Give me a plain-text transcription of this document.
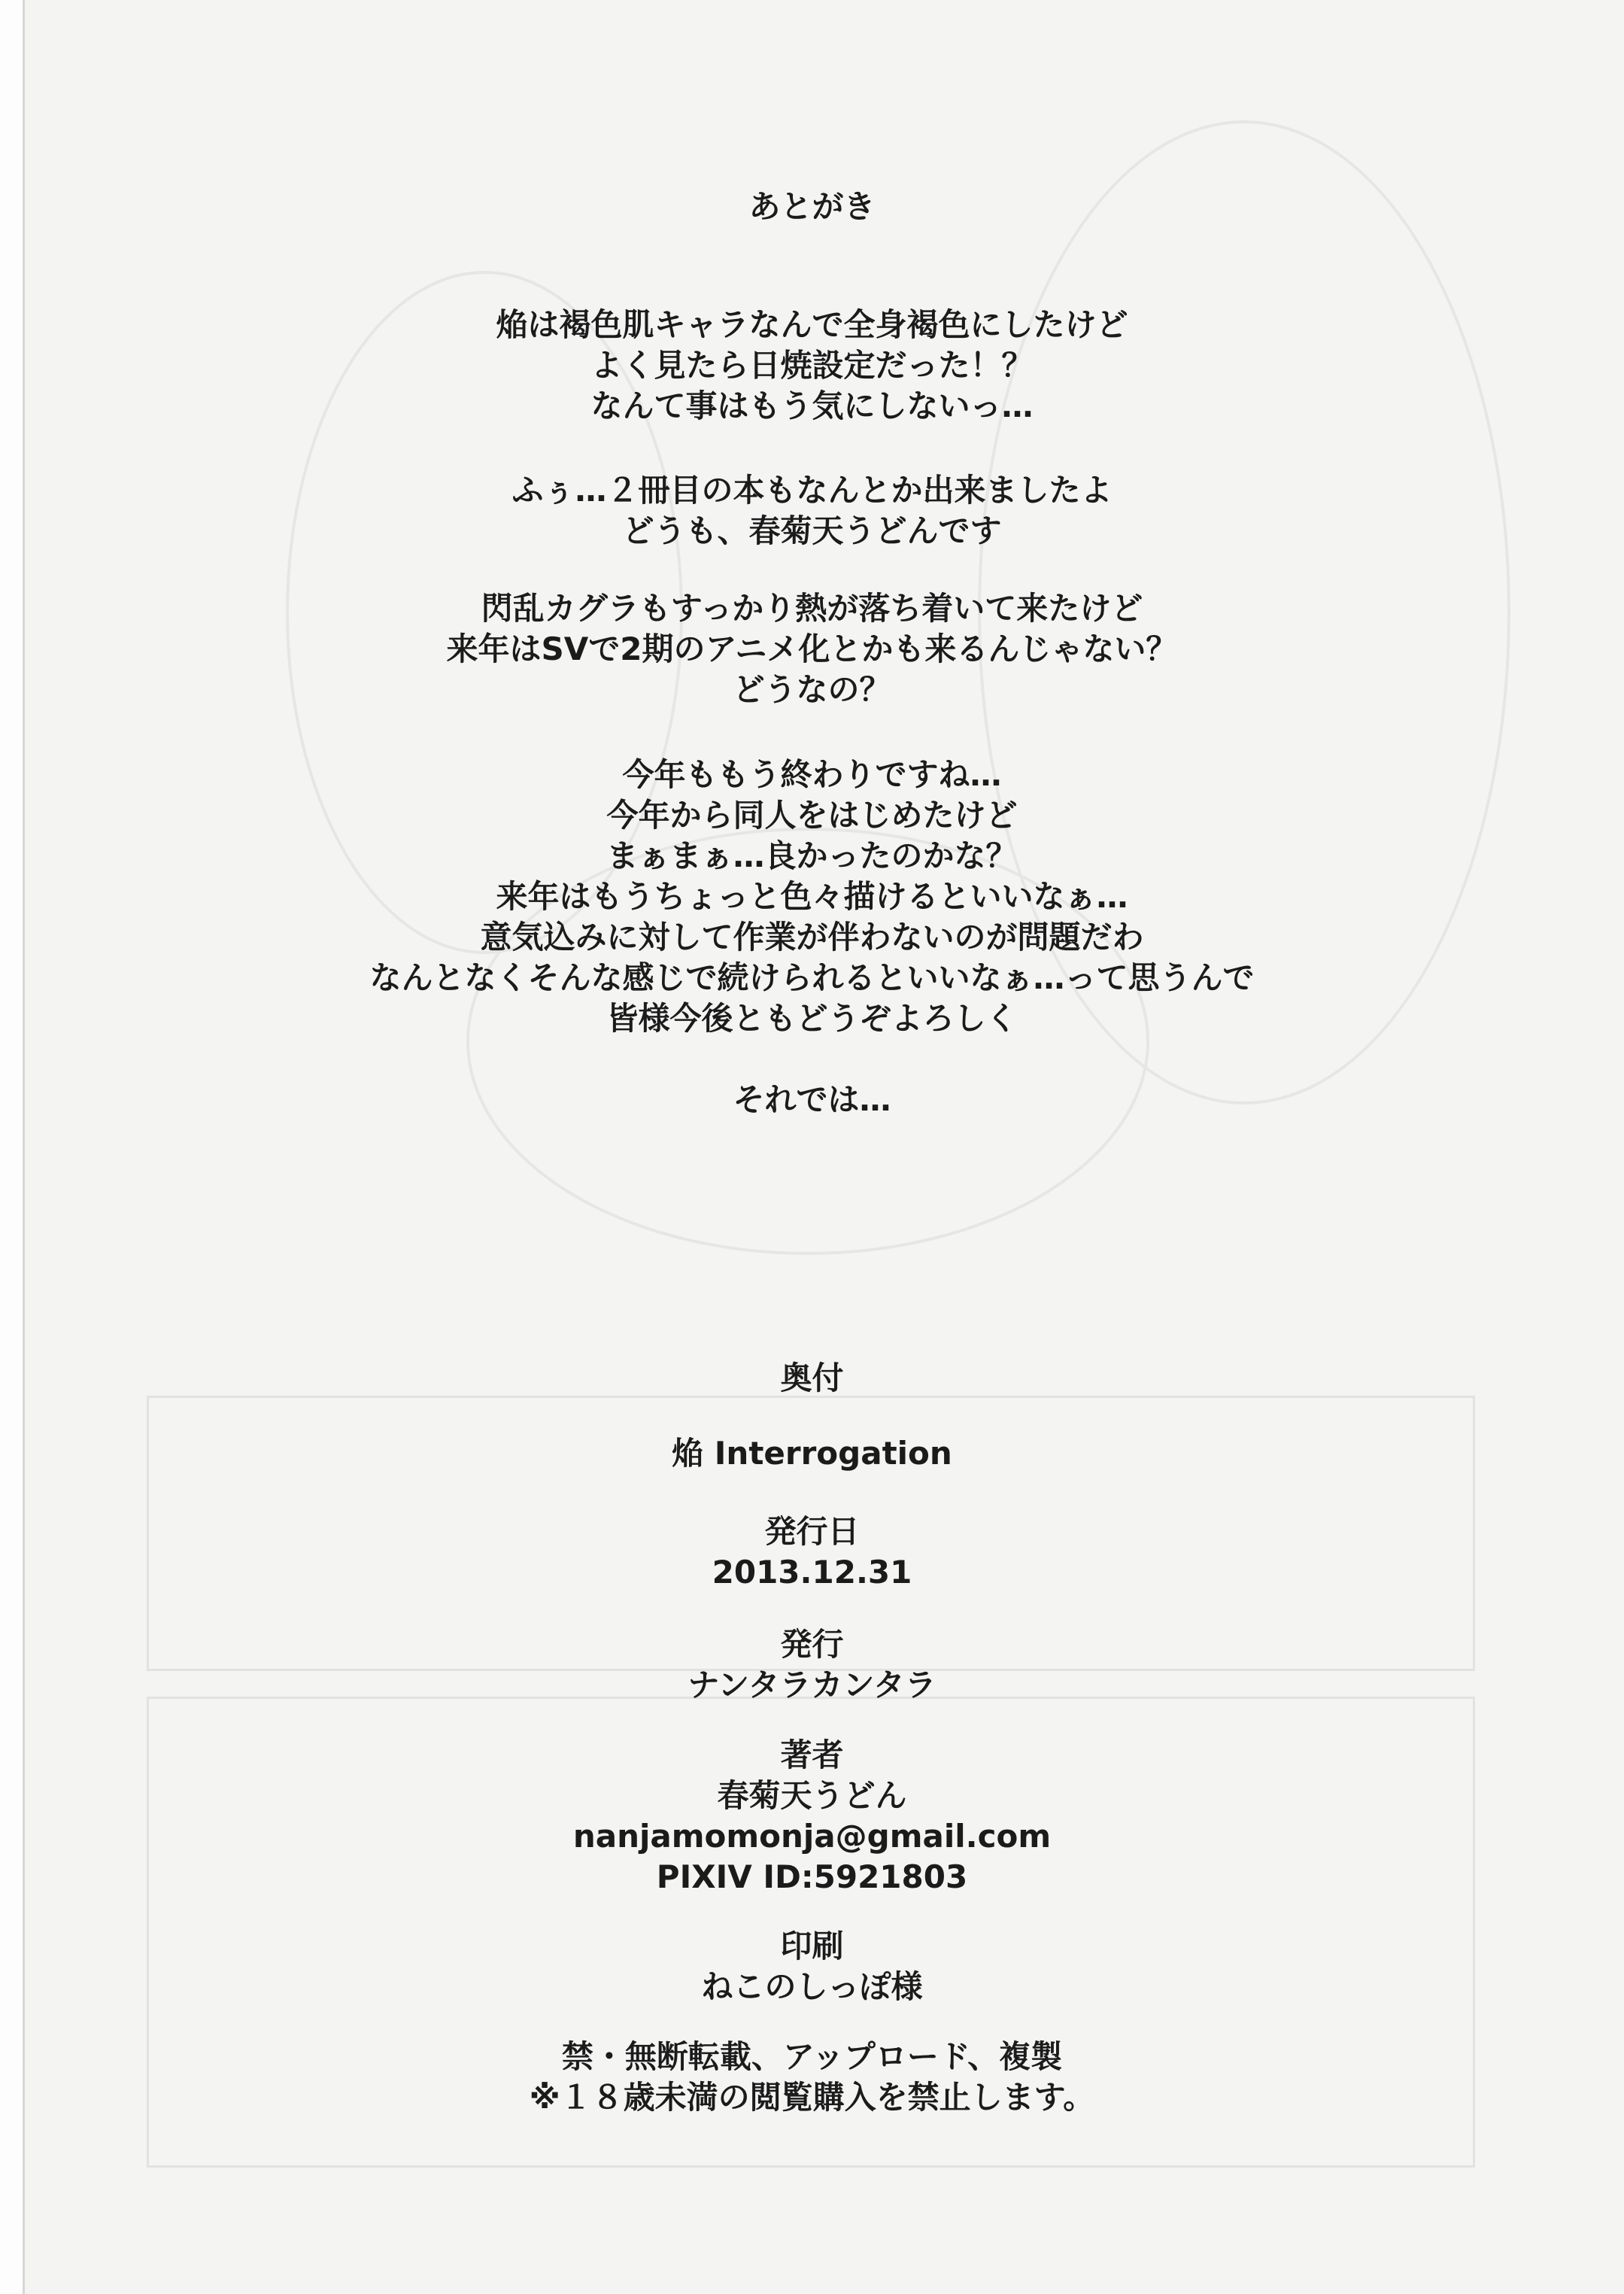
あとがき
焔は褐色肌キャラなんで全身褐色にしたけど
よく見たら日焼設定だった！？
なんて事はもう気にしないっ…
ふぅ…２冊目の本もなんとか出来ましたよ
どうも、春菊天うどんです
閃乱カグラもすっかり熱が落ち着いて来たけど
来年はSVで2期のアニメ化とかも来るんじゃない？
どうなの？
今年ももう終わりですね…
今年から同人をはじめたけど
まぁまぁ…良かったのかな？
来年はもうちょっと色々描けるといいなぁ…
意気込みに対して作業が伴わないのが問題だわ
なんとなくそんな感じで続けられるといいなぁ…って思うんで
皆様今後ともどうぞよろしく
それでは…
奥付
焔 Interrogation
発行日
2013.12.31
発行
ナンタラカンタラ
著者
春菊天うどん
nanjamomonja@gmail.com
PIXIV ID:5921803
印刷
ねこのしっぽ様
禁・無断転載、アップロード、複製
※１８歳未満の閲覧購入を禁止します。
